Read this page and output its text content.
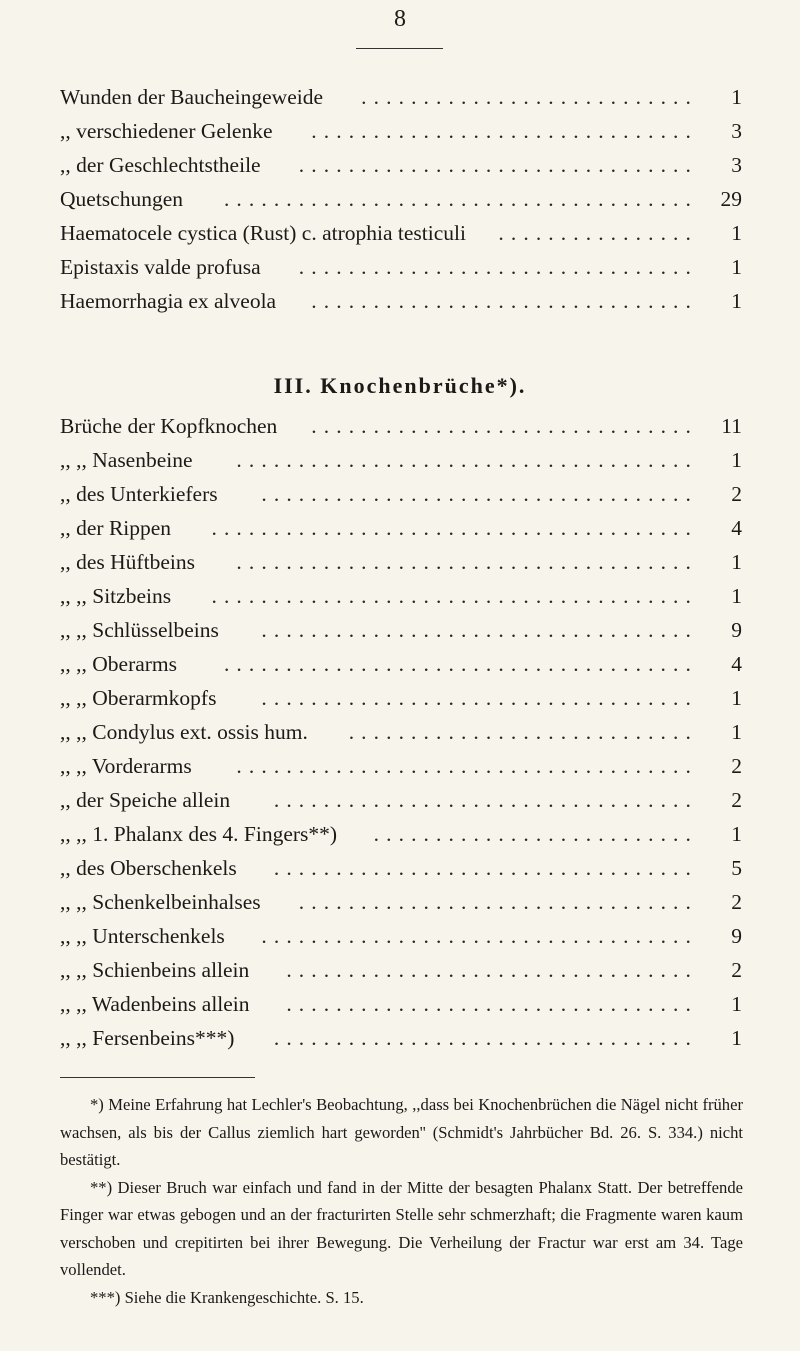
8
Wunden der Baucheingeweide ........................... 1
,, verschiedener Gelenke ............................... 3
,, der Geschlechtstheile ................................ 3
Quetschungen ...................................... 29
Haematocele cystica (Rust) c. atrophia testiculi ................ 1
Epistaxis valde profusa ................................ 1
Haemorrhagia ex alveola ............................... 1
III. Knochenbrüche*).
Brüche der Kopfknochen ............................... 11
,, ,, Nasenbeine ..................................... 1
,, des Unterkiefers ................................... 2
,, der Rippen ....................................... 4
,, des Hüftbeins ..................................... 1
,, ,, Sitzbeins ....................................... 1
,, ,, Schlüsselbeins ................................... 9
,, ,, Oberarms ...................................... 4
,, ,, Oberarmkopfs ................................... 1
,, ,, Condylus ext. ossis hum. ............................ 1
,, ,, Vorderarms ..................................... 2
,, der Speiche allein .................................. 2
,, ,, 1. Phalanx des 4. Fingers**) .......................... 1
,, des Oberschenkels .................................. 5
,, ,, Schenkelbeinhalses ................................ 2
,, ,, Unterschenkels ................................... 9
,, ,, Schienbeins allein ................................. 2
,, ,, Wadenbeins allein ................................. 1
,, ,, Fersenbeins***) .................................. 1

*) Meine Erfahrung hat Lechler's Beobachtung, ,,dass bei Knochenbrüchen die Nägel nicht früher wachsen, als bis der Callus ziemlich hart geworden'' (Schmidt's Jahrbücher Bd. 26. S. 334.) nicht bestätigt.

**) Dieser Bruch war einfach und fand in der Mitte der besagten Phalanx Statt. Der betreffende Finger war etwas gebogen und an der fracturirten Stelle sehr schmerzhaft; die Fragmente waren kaum verschoben und crepitirten bei ihrer Bewegung. Die Verheilung der Fractur war erst am 34. Tage vollendet.

***) Siehe die Krankengeschichte. S. 15.
